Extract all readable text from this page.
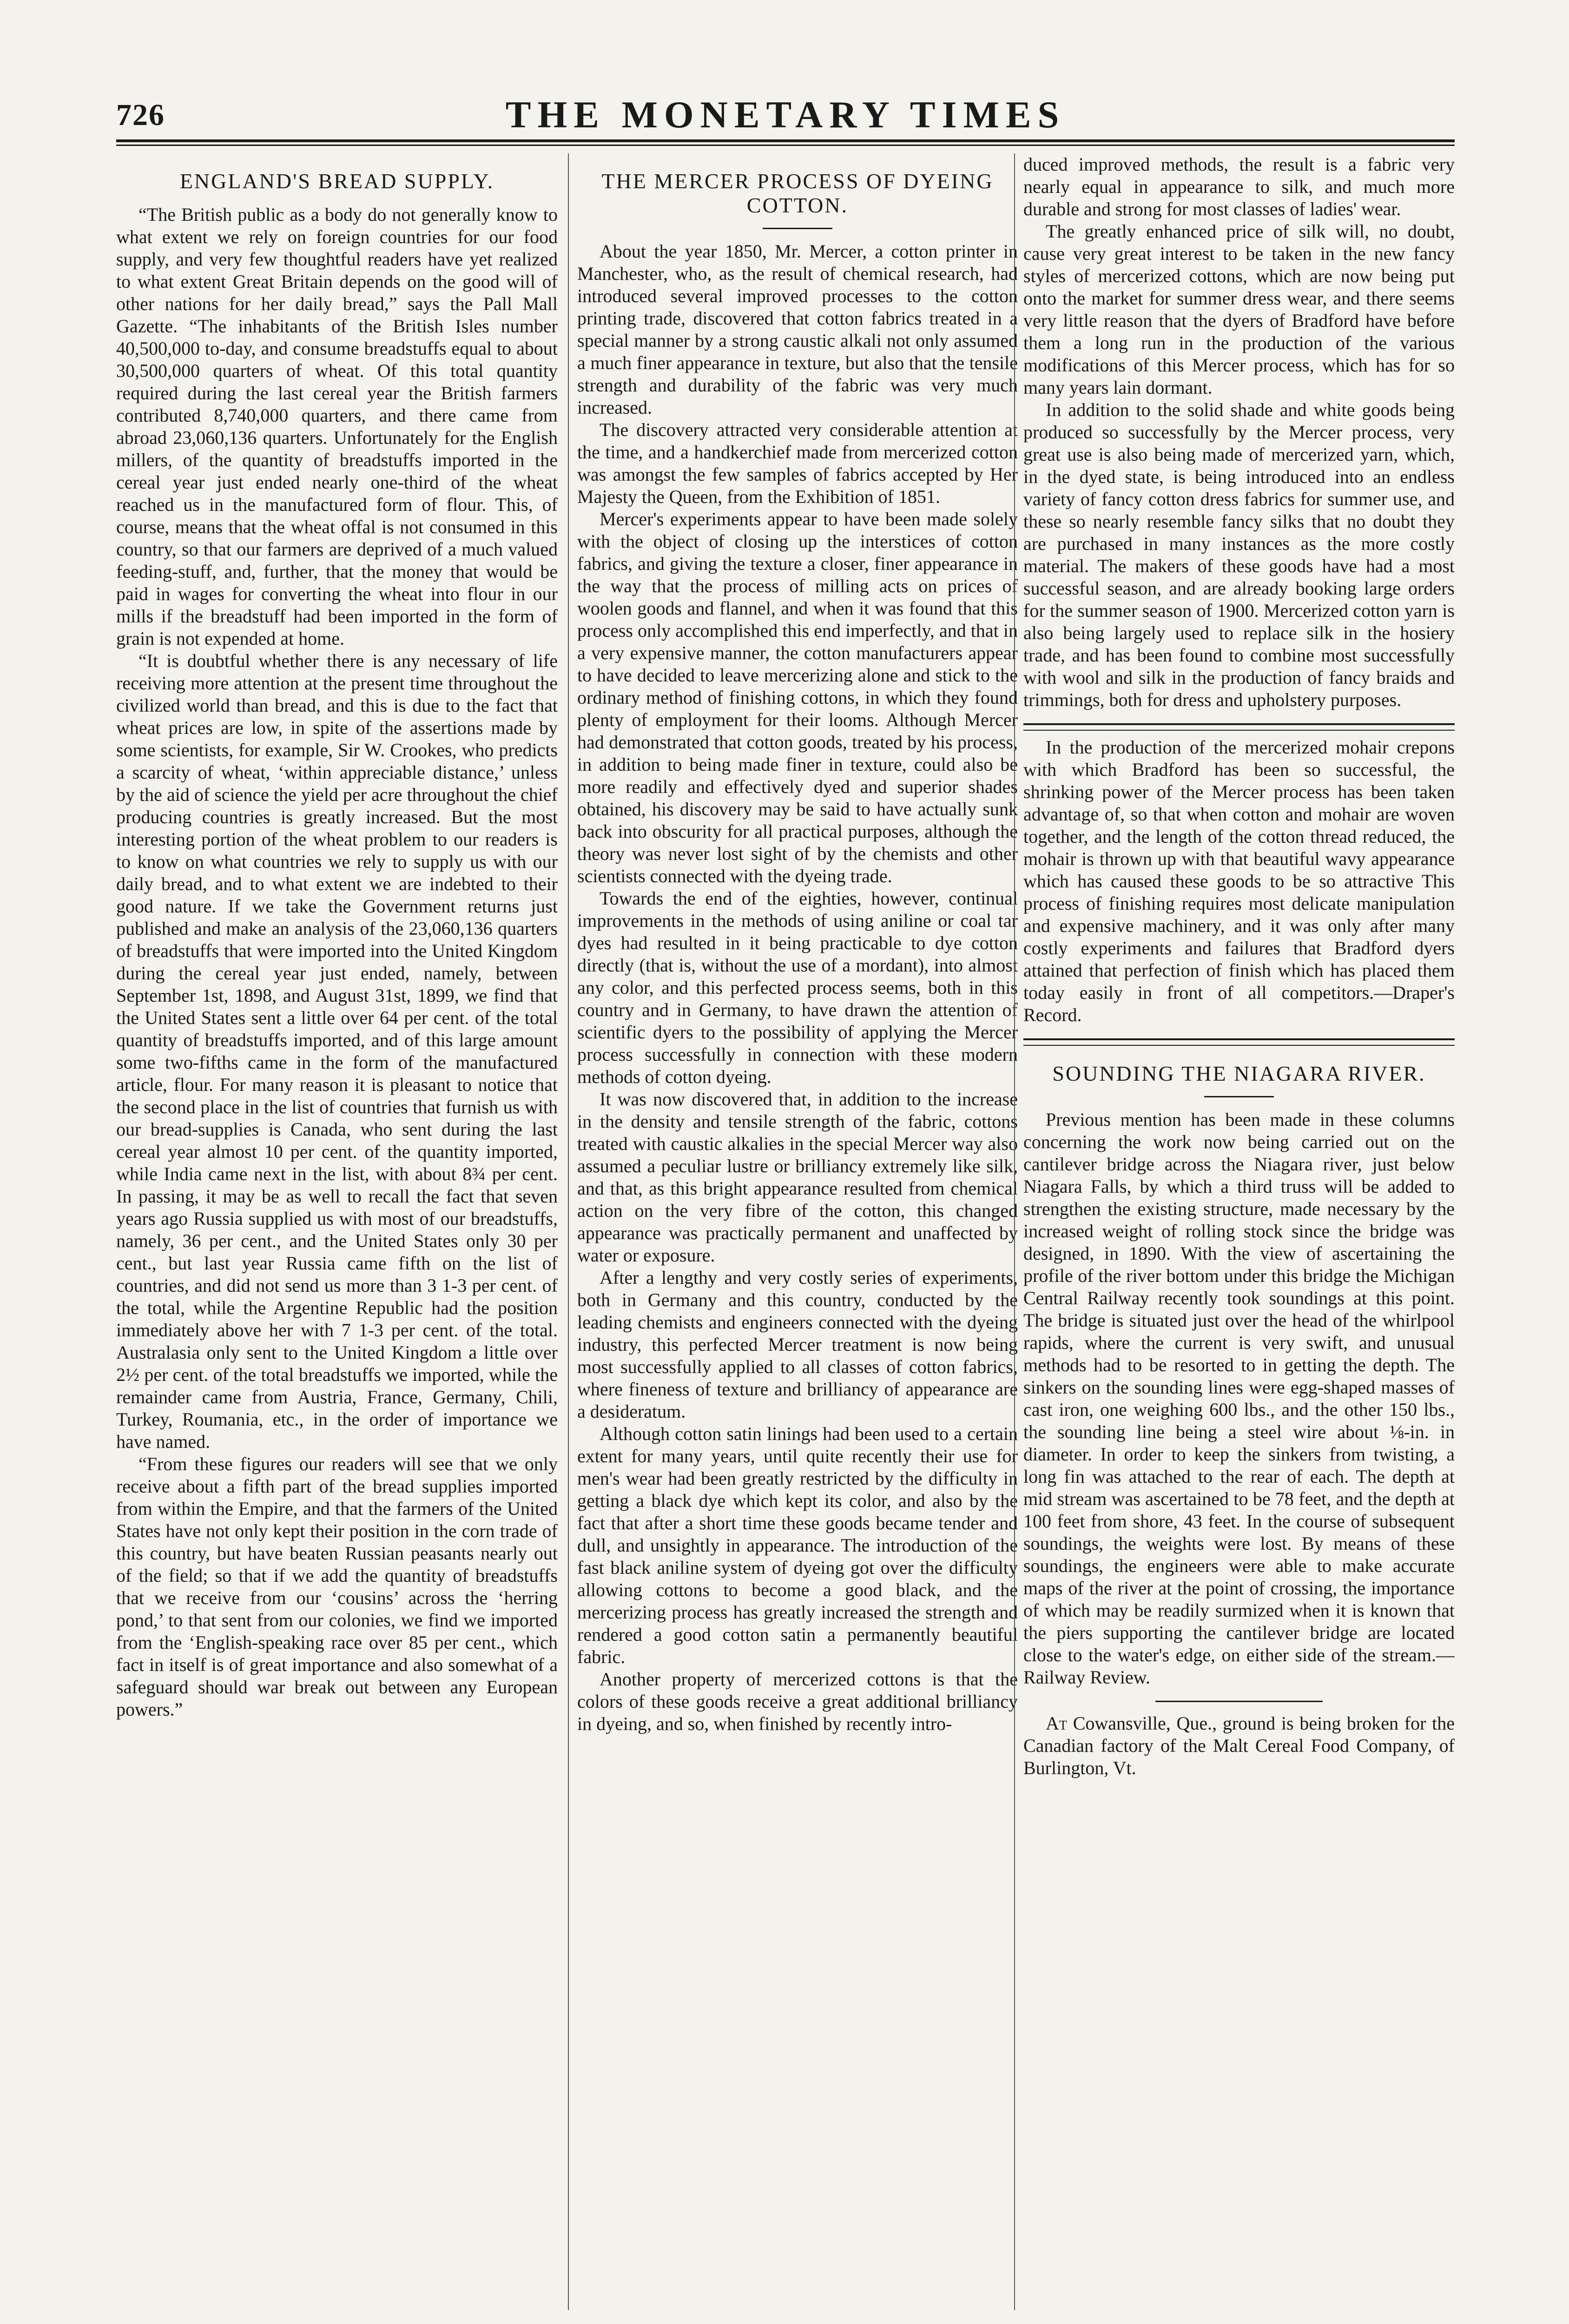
726	THE MONETARY TIMES
ENGLAND'S BREAD SUPPLY.

“The British public as a body do not generally know to what extent we rely on foreign countries for our food supply, and very few thoughtful readers have yet realized to what extent Great Britain depends on the good will of other nations for her daily bread,” says the Pall Mall Gazette. “The inhabitants of the British Isles number 40,500,000 to-day, and consume breadstuffs equal to about 30,500,000 quarters of wheat. Of this total quantity required during the last cereal year the British farmers contributed 8,740,000 quarters, and there came from abroad 23,060,136 quarters. Unfortunately for the English millers, of the quantity of breadstuffs imported in the cereal year just ended nearly one-third of the wheat reached us in the manufactured form of flour. This, of course, means that the wheat offal is not consumed in this country, so that our farmers are deprived of a much valued feeding-stuff, and, further, that the money that would be paid in wages for converting the wheat into flour in our mills if the breadstuff had been imported in the form of grain is not expended at home.

“It is doubtful whether there is any necessary of life receiving more attention at the present time throughout the civilized world than bread, and this is due to the fact that wheat prices are low, in spite of the assertions made by some scientists, for example, Sir W. Crookes, who predicts a scarcity of wheat, ‘within appreciable distance,’ unless by the aid of science the yield per acre throughout the chief producing countries is greatly increased. But the most interesting portion of the wheat problem to our readers is to know on what countries we rely to supply us with our daily bread, and to what extent we are indebted to their good nature. If we take the Government returns just published and make an analysis of the 23,060,136 quarters of breadstuffs that were imported into the United Kingdom during the cereal year just ended, namely, between September 1st, 1898, and August 31st, 1899, we find that the United States sent a little over 64 per cent. of the total quantity of breadstuffs imported, and of this large amount some two-fifths came in the form of the manufactured article, flour. For many reason it is pleasant to notice that the second place in the list of countries that furnish us with our bread-supplies is Canada, who sent during the last cereal year almost 10 per cent. of the quantity imported, while India came next in the list, with about 8¾ per cent. In passing, it may be as well to recall the fact that seven years ago Russia supplied us with most of our breadstuffs, namely, 36 per cent., and the United States only 30 per cent., but last year Russia came fifth on the list of countries, and did not send us more than 3 1-3 per cent. of the total, while the Argentine Republic had the position immediately above her with 7 1-3 per cent. of the total. Australasia only sent to the United Kingdom a little over 2½ per cent. of the total breadstuffs we imported, while the remainder came from Austria, France, Germany, Chili, Turkey, Roumania, etc., in the order of importance we have named.

“From these figures our readers will see that we only receive about a fifth part of the bread supplies imported from within the Empire, and that the farmers of the United States have not only kept their position in the corn trade of this country, but have beaten Russian peasants nearly out of the field; so that if we add the quantity of breadstuffs that we receive from our ‘cousins’ across the ‘herring pond,’ to that sent from our colonies, we find we imported from the ‘English-speaking race over 85 per cent., which fact in itself is of great importance and also somewhat of a safeguard should war break out between any European powers.”

THE MERCER PROCESS OF DYEING COTTON.

About the year 1850, Mr. Mercer, a cotton printer in Manchester, who, as the result of chemical research, had introduced several improved processes to the cotton printing trade, discovered that cotton fabrics treated in a special manner by a strong caustic alkali not only assumed a much finer appearance in texture, but also that the tensile strength and durability of the fabric was very much increased.

The discovery attracted very considerable attention at the time, and a handkerchief made from mercerized cotton was amongst the few samples of fabrics accepted by Her Majesty the Queen, from the Exhibition of 1851.

Mercer's experiments appear to have been made solely with the object of closing up the interstices of cotton fabrics, and giving the texture a closer, finer appearance in the way that the process of milling acts on prices of woolen goods and flannel, and when it was found that this process only accomplished this end imperfectly, and that in a very expensive manner, the cotton manufacturers appear to have decided to leave mercerizing alone and stick to the ordinary method of finishing cottons, in which they found plenty of employment for their looms. Although Mercer had demonstrated that cotton goods, treated by his process, in addition to being made finer in texture, could also be more readily and effectively dyed and superior shades obtained, his discovery may be said to have actually sunk back into obscurity for all practical purposes, although the theory was never lost sight of by the chemists and other scientists connected with the dyeing trade.

Towards the end of the eighties, however, continual improvements in the methods of using aniline or coal tar dyes had resulted in it being practicable to dye cotton directly (that is, without the use of a mordant), into almost any color, and this perfected process seems, both in this country and in Germany, to have drawn the attention of scientific dyers to the possibility of applying the Mercer process successfully in connection with these modern methods of cotton dyeing.

It was now discovered that, in addition to the increase in the density and tensile strength of the fabric, cottons treated with caustic alkalies in the special Mercer way also assumed a peculiar lustre or brilliancy extremely like silk, and that, as this bright appearance resulted from chemical action on the very fibre of the cotton, this changed appearance was practically permanent and unaffected by water or exposure.

After a lengthy and very costly series of experiments, both in Germany and this country, conducted by the leading chemists and engineers connected with the dyeing industry, this perfected Mercer treatment is now being most successfully applied to all classes of cotton fabrics, where fineness of texture and brilliancy of appearance are a desideratum.

Although cotton satin linings had been used to a certain extent for many years, until quite recently their use for men's wear had been greatly restricted by the difficulty in getting a black dye which kept its color, and also by the fact that after a short time these goods became tender and dull, and unsightly in appearance. The introduction of the fast black aniline system of dyeing got over the difficulty allowing cottons to become a good black, and the mercerizing process has greatly increased the strength and rendered a good cotton satin a permanently beautiful fabric.

Another property of mercerized cottons is that the colors of these goods receive a great additional brilliancy in dyeing, and so, when finished by recently intro-

duced improved methods, the result is a fabric very nearly equal in appearance to silk, and much more durable and strong for most classes of ladies' wear.

The greatly enhanced price of silk will, no doubt, cause very great interest to be taken in the new fancy styles of mercerized cottons, which are now being put onto the market for summer dress wear, and there seems very little reason that the dyers of Bradford have before them a long run in the production of the various modifications of this Mercer process, which has for so many years lain dormant.

In addition to the solid shade and white goods being produced so successfully by the Mercer process, very great use is also being made of mercerized yarn, which, in the dyed state, is being introduced into an endless variety of fancy cotton dress fabrics for summer use, and these so nearly resemble fancy silks that no doubt they are purchased in many instances as the more costly material. The makers of these goods have had a most successful season, and are already booking large orders for the summer season of 1900. Mercerized cotton yarn is also being largely used to replace silk in the hosiery trade, and has been found to combine most successfully with wool and silk in the production of fancy braids and trimmings, both for dress and upholstery purposes.

In the production of the mercerized mohair crepons with which Bradford has been so successful, the shrinking power of the Mercer process has been taken advantage of, so that when cotton and mohair are woven together, and the length of the cotton thread reduced, the mohair is thrown up with that beautiful wavy appearance which has caused these goods to be so attractive This process of finishing requires most delicate manipulation and expensive machinery, and it was only after many costly experiments and failures that Bradford dyers attained that perfection of finish which has placed them today easily in front of all competitors.—Draper's Record.

SOUNDING THE NIAGARA RIVER.

Previous mention has been made in these columns concerning the work now being carried out on the cantilever bridge across the Niagara river, just below Niagara Falls, by which a third truss will be added to strengthen the existing structure, made necessary by the increased weight of rolling stock since the bridge was designed, in 1890. With the view of ascertaining the profile of the river bottom under this bridge the Michigan Central Railway recently took soundings at this point. The bridge is situated just over the head of the whirlpool rapids, where the current is very swift, and unusual methods had to be resorted to in getting the depth. The sinkers on the sounding lines were egg-shaped masses of cast iron, one weighing 600 lbs., and the other 150 lbs., the sounding line being a steel wire about ⅛-in. in diameter. In order to keep the sinkers from twisting, a long fin was attached to the rear of each. The depth at mid stream was ascertained to be 78 feet, and the depth at 100 feet from shore, 43 feet. In the course of subsequent soundings, the weights were lost. By means of these soundings, the engineers were able to make accurate maps of the river at the point of crossing, the importance of which may be readily surmized when it is known that the piers supporting the cantilever bridge are located close to the water's edge, on either side of the stream.—Railway Review.

At Cowansville, Que., ground is being broken for the Canadian factory of the Malt Cereal Food Company, of Burlington, Vt.
